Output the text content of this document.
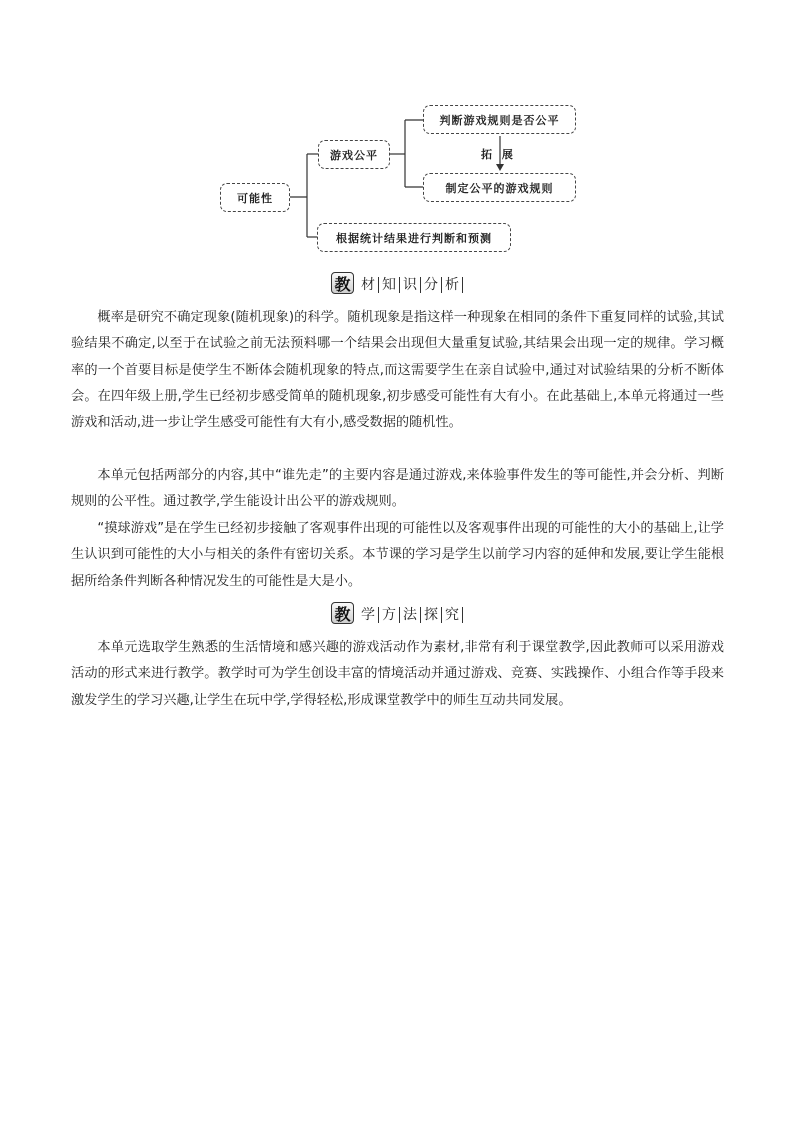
可能性
游戏公平
判断游戏规则是否公平
制定公平的游戏规则
根据统计结果进行判断和预测
拓 展
教 材 知 识 分 析

概率是研究不确定现象(随机现象)的科学。随机现象是指这样一种现象在相同的条件下重复同样的试验,其试验结果不确定,以至于在试验之前无法预料哪一个结果会出现但大量重复试验,其结果会出现一定的规律。学习概率的一个首要目标是使学生不断体会随机现象的特点,而这需要学生在亲自试验中,通过对试验结果的分析不断体会。在四年级上册,学生已经初步感受简单的随机现象,初步感受可能性有大有小。在此基础上,本单元将通过一些游戏和活动,进一步让学生感受可能性有大有小,感受数据的随机性。

本单元包括两部分的内容,其中“谁先走”的主要内容是通过游戏,来体验事件发生的等可能性,并会分析、判断规则的公平性。通过教学,学生能设计出公平的游戏规则。

“摸球游戏”是在学生已经初步接触了客观事件出现的可能性以及客观事件出现的可能性的大小的基础上,让学生认识到可能性的大小与相关的条件有密切关系。本节课的学习是学生以前学习内容的延伸和发展,要让学生能根据所给条件判断各种情况发生的可能性是大是小。

教 学 方 法 探 究

本单元选取学生熟悉的生活情境和感兴趣的游戏活动作为素材,非常有利于课堂教学,因此教师可以采用游戏活动的形式来进行教学。教学时可为学生创设丰富的情境活动并通过游戏、竞赛、实践操作、小组合作等手段来激发学生的学习兴趣,让学生在玩中学,学得轻松,形成课堂教学中的师生互动共同发展。
